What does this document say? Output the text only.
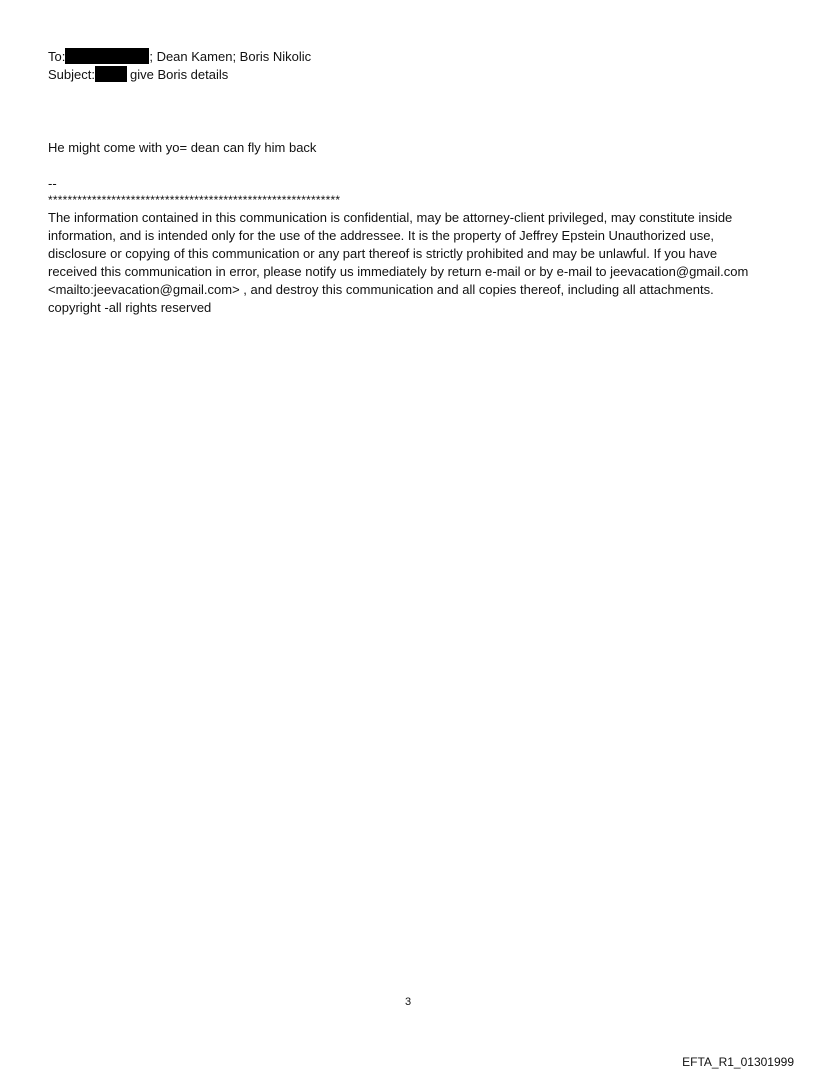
To:	; Dean Kamen; Boris Nikolic
Subject:	give Boris details
He might come with yo= dean can fly him back
--
************************************************************

The information contained in this communication is confidential, may be attorney-client privileged, may constitute inside information, and is intended only for the use of the addressee. It is the property of Jeffrey Epstein Unauthorized use, disclosure or copying of this communication or any part thereof is strictly prohibited and may be unlawful. If you have received this communication in error, please notify us immediately by return e-mail or by e-mail to jeevacation@gmail.com <mailto:jeevacation@gmail.com> , and destroy this communication and all copies thereof, including all attachments. copyright -all rights reserved

3
EFTA_R1_01301999
